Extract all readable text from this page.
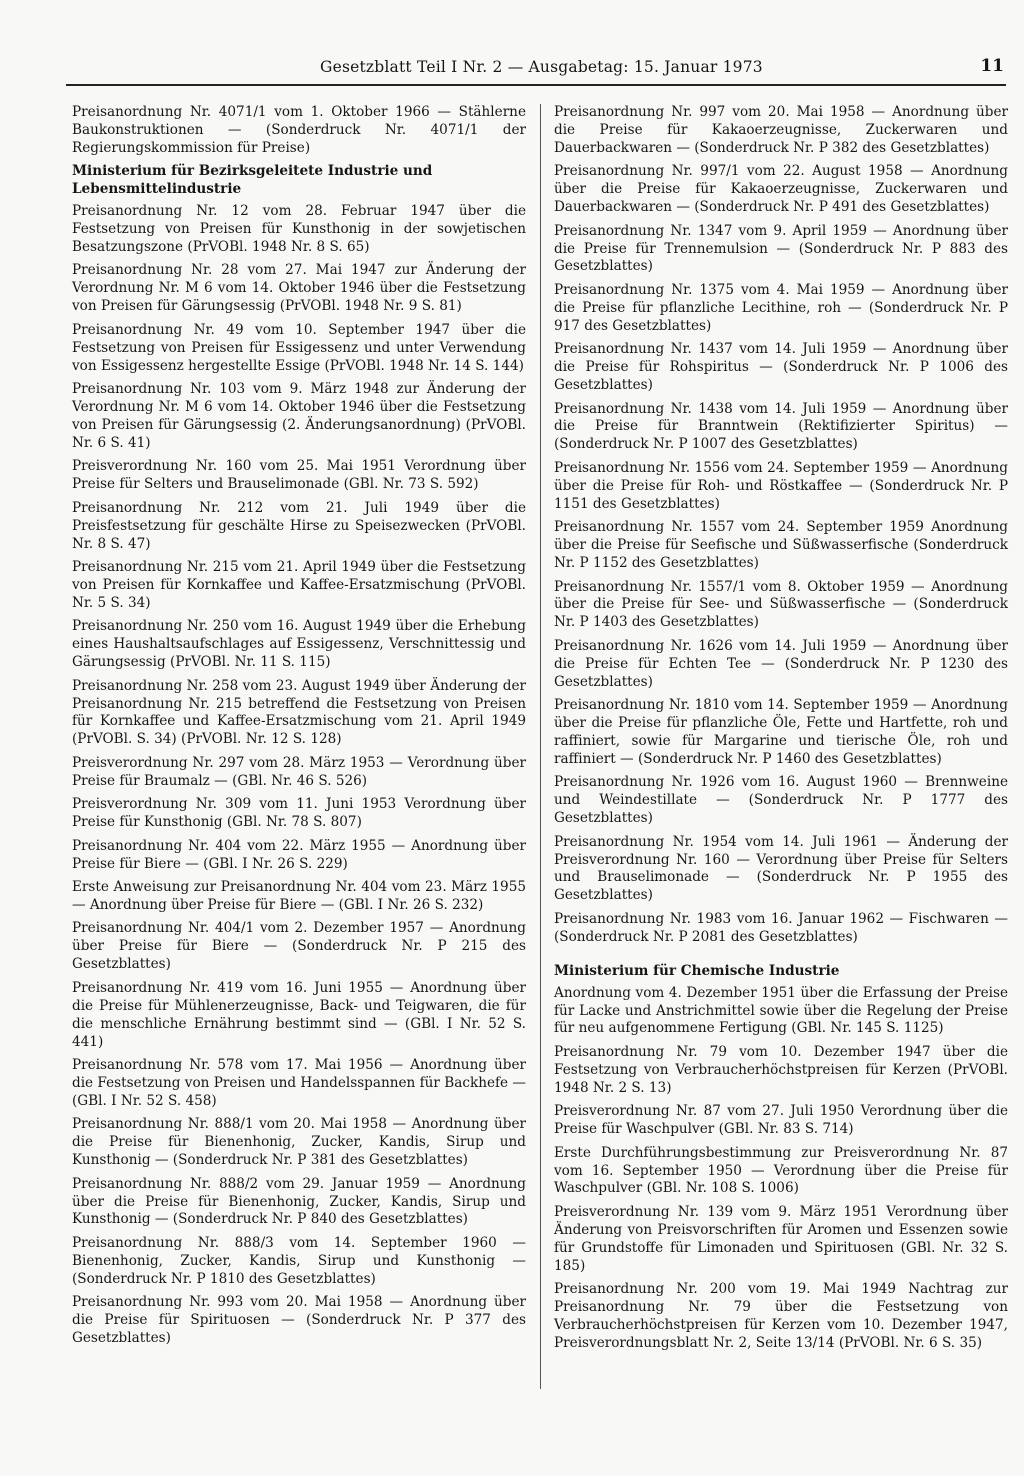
Gesetzblatt Teil I Nr. 2 — Ausgabetag: 15. Januar 1973	11
Preisanordnung Nr. 4071/1 vom 1. Oktober 1966 — Stählerne Baukonstruktionen — (Sonderdruck Nr. 4071/1 der Regierungskommission für Preise)
Ministerium für Bezirksgeleitete Industrie und Lebensmittelindustrie
Preisanordnung Nr. 12 vom 28. Februar 1947 über die Festsetzung von Preisen für Kunsthonig in der sowjetischen Besatzungszone (PrVOBl. 1948 Nr. 8 S. 65)
Preisanordnung Nr. 28 vom 27. Mai 1947 zur Änderung der Verordnung Nr. M 6 vom 14. Oktober 1946 über die Festsetzung von Preisen für Gärungsessig (PrVOBl. 1948 Nr. 9 S. 81)
Preisanordnung Nr. 49 vom 10. September 1947 über die Festsetzung von Preisen für Essigessenz und unter Verwendung von Essigessenz hergestellte Essige (PrVOBl. 1948 Nr. 14 S. 144)
Preisanordnung Nr. 103 vom 9. März 1948 zur Änderung der Verordnung Nr. M 6 vom 14. Oktober 1946 über die Festsetzung von Preisen für Gärungsessig (2. Änderungsanordnung) (PrVOBl. Nr. 6 S. 41)
Preisverordnung Nr. 160 vom 25. Mai 1951 Verordnung über Preise für Selters und Brauselimonade (GBl. Nr. 73 S. 592)
Preisanordnung Nr. 212 vom 21. Juli 1949 über die Preisfestsetzung für geschälte Hirse zu Speisezwecken (PrVOBl. Nr. 8 S. 47)
Preisanordnung Nr. 215 vom 21. April 1949 über die Festsetzung von Preisen für Kornkaffee und Kaffee-Ersatzmischung (PrVOBl. Nr. 5 S. 34)
Preisanordnung Nr. 250 vom 16. August 1949 über die Erhebung eines Haushaltsaufschlages auf Essigessenz, Verschnittessig und Gärungsessig (PrVOBl. Nr. 11 S. 115)
Preisanordnung Nr. 258 vom 23. August 1949 über Änderung der Preisanordnung Nr. 215 betreffend die Festsetzung von Preisen für Kornkaffee und Kaffee-Ersatzmischung vom 21. April 1949 (PrVOBl. S. 34) (PrVOBl. Nr. 12 S. 128)
Preisverordnung Nr. 297 vom 28. März 1953 — Verordnung über Preise für Braumalz — (GBl. Nr. 46 S. 526)
Preisverordnung Nr. 309 vom 11. Juni 1953 Verordnung über Preise für Kunsthonig (GBl. Nr. 78 S. 807)
Preisanordnung Nr. 404 vom 22. März 1955 — Anordnung über Preise für Biere — (GBl. I Nr. 26 S. 229)
Erste Anweisung zur Preisanordnung Nr. 404 vom 23. März 1955 — Anordnung über Preise für Biere — (GBl. I Nr. 26 S. 232)
Preisanordnung Nr. 404/1 vom 2. Dezember 1957 — Anordnung über Preise für Biere — (Sonderdruck Nr. P 215 des Gesetzblattes)
Preisanordnung Nr. 419 vom 16. Juni 1955 — Anordnung über die Preise für Mühlenerzeugnisse, Back- und Teigwaren, die für die menschliche Ernährung bestimmt sind — (GBl. I Nr. 52 S. 441)
Preisanordnung Nr. 578 vom 17. Mai 1956 — Anordnung über die Festsetzung von Preisen und Handelsspannen für Backhefe — (GBl. I Nr. 52 S. 458)
Preisanordnung Nr. 888/1 vom 20. Mai 1958 — Anordnung über die Preise für Bienenhonig, Zucker, Kandis, Sirup und Kunsthonig — (Sonderdruck Nr. P 381 des Gesetzblattes)
Preisanordnung Nr. 888/2 vom 29. Januar 1959 — Anordnung über die Preise für Bienenhonig, Zucker, Kandis, Sirup und Kunsthonig — (Sonderdruck Nr. P 840 des Gesetzblattes)
Preisanordnung Nr. 888/3 vom 14. September 1960 — Bienenhonig, Zucker, Kandis, Sirup und Kunsthonig — (Sonderdruck Nr. P 1810 des Gesetzblattes)
Preisanordnung Nr. 993 vom 20. Mai 1958 — Anordnung über die Preise für Spirituosen — (Sonderdruck Nr. P 377 des Gesetzblattes)
Preisanordnung Nr. 997 vom 20. Mai 1958 — Anordnung über die Preise für Kakaoerzeugnisse, Zuckerwaren und Dauerbackwaren — (Sonderdruck Nr. P 382 des Gesetzblattes)
Preisanordnung Nr. 997/1 vom 22. August 1958 — Anordnung über die Preise für Kakaoerzeugnisse, Zuckerwaren und Dauerbackwaren — (Sonderdruck Nr. P 491 des Gesetzblattes)
Preisanordnung Nr. 1347 vom 9. April 1959 — Anordnung über die Preise für Trennemulsion — (Sonderdruck Nr. P 883 des Gesetzblattes)
Preisanordnung Nr. 1375 vom 4. Mai 1959 — Anordnung über die Preise für pflanzliche Lecithine, roh — (Sonderdruck Nr. P 917 des Gesetzblattes)
Preisanordnung Nr. 1437 vom 14. Juli 1959 — Anordnung über die Preise für Rohspiritus — (Sonderdruck Nr. P 1006 des Gesetzblattes)
Preisanordnung Nr. 1438 vom 14. Juli 1959 — Anordnung über die Preise für Branntwein (Rektifizierter Spiritus) — (Sonderdruck Nr. P 1007 des Gesetzblattes)
Preisanordnung Nr. 1556 vom 24. September 1959 — Anordnung über die Preise für Roh- und Röstkaffee — (Sonderdruck Nr. P 1151 des Gesetzblattes)
Preisanordnung Nr. 1557 vom 24. September 1959 Anordnung über die Preise für Seefische und Süßwasserfische (Sonderdruck Nr. P 1152 des Gesetzblattes)
Preisanordnung Nr. 1557/1 vom 8. Oktober 1959 — Anordnung über die Preise für See- und Süßwasserfische — (Sonderdruck Nr. P 1403 des Gesetzblattes)
Preisanordnung Nr. 1626 vom 14. Juli 1959 — Anordnung über die Preise für Echten Tee — (Sonderdruck Nr. P 1230 des Gesetzblattes)
Preisanordnung Nr. 1810 vom 14. September 1959 — Anordnung über die Preise für pflanzliche Öle, Fette und Hartfette, roh und raffiniert, sowie für Margarine und tierische Öle, roh und raffiniert — (Sonderdruck Nr. P 1460 des Gesetzblattes)
Preisanordnung Nr. 1926 vom 16. August 1960 — Brennweine und Weindestillate — (Sonderdruck Nr. P 1777 des Gesetzblattes)
Preisanordnung Nr. 1954 vom 14. Juli 1961 — Änderung der Preisverordnung Nr. 160 — Verordnung über Preise für Selters und Brauselimonade — (Sonderdruck Nr. P 1955 des Gesetzblattes)
Preisanordnung Nr. 1983 vom 16. Januar 1962 — Fischwaren — (Sonderdruck Nr. P 2081 des Gesetzblattes)
Ministerium für Chemische Industrie
Anordnung vom 4. Dezember 1951 über die Erfassung der Preise für Lacke und Anstrichmittel sowie über die Regelung der Preise für neu aufgenommene Fertigung (GBl. Nr. 145 S. 1125)
Preisanordnung Nr. 79 vom 10. Dezember 1947 über die Festsetzung von Verbraucherhöchstpreisen für Kerzen (PrVOBl. 1948 Nr. 2 S. 13)
Preisverordnung Nr. 87 vom 27. Juli 1950 Verordnung über die Preise für Waschpulver (GBl. Nr. 83 S. 714)
Erste Durchführungsbestimmung zur Preisverordnung Nr. 87 vom 16. September 1950 — Verordnung über die Preise für Waschpulver (GBl. Nr. 108 S. 1006)
Preisverordnung Nr. 139 vom 9. März 1951 Verordnung über Änderung von Preisvorschriften für Aromen und Essenzen sowie für Grundstoffe für Limonaden und Spirituosen (GBl. Nr. 32 S. 185)
Preisanordnung Nr. 200 vom 19. Mai 1949 Nachtrag zur Preisanordnung Nr. 79 über die Festsetzung von Verbraucherhöchstpreisen für Kerzen vom 10. Dezember 1947, Preisverordnungsblatt Nr. 2, Seite 13/14 (PrVOBl. Nr. 6 S. 35)
